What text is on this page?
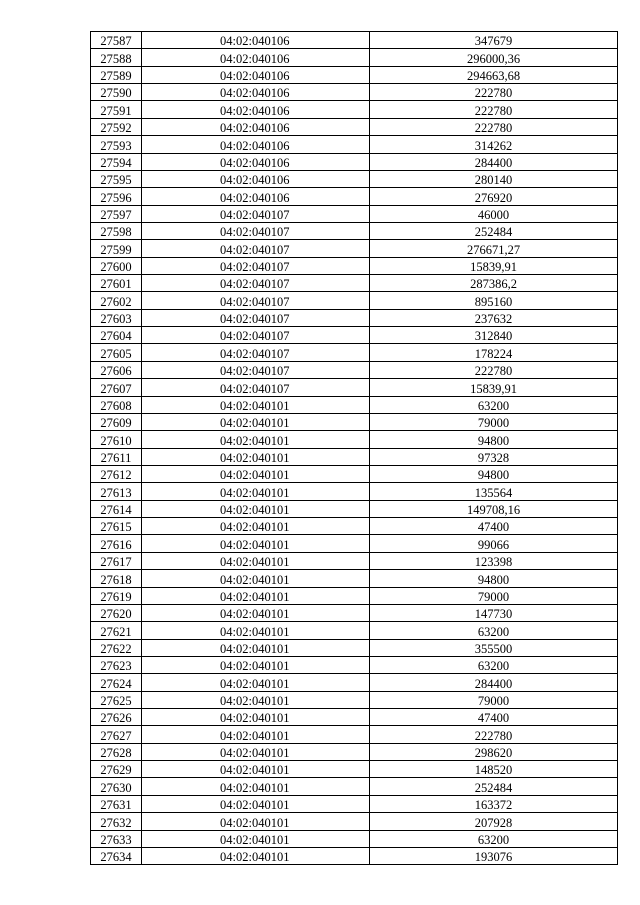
27587	04:02:040106	347679

27588	04:02:040106	296000,36

27589	04:02:040106	294663,68

27590	04:02:040106	222780

27591	04:02:040106	222780

27592	04:02:040106	222780

27593	04:02:040106	314262

27594	04:02:040106	284400

27595	04:02:040106	280140

27596	04:02:040106	276920

27597	04:02:040107	46000

27598	04:02:040107	252484

27599	04:02:040107	276671,27

27600	04:02:040107	15839,91

27601	04:02:040107	287386,2

27602	04:02:040107	895160

27603	04:02:040107	237632

27604	04:02:040107	312840

27605	04:02:040107	178224

27606	04:02:040107	222780

27607	04:02:040107	15839,91

27608	04:02:040101	63200

27609	04:02:040101	79000

27610	04:02:040101	94800

27611	04:02:040101	97328

27612	04:02:040101	94800

27613	04:02:040101	135564

27614	04:02:040101	149708,16

27615	04:02:040101	47400

27616	04:02:040101	99066

27617	04:02:040101	123398

27618	04:02:040101	94800

27619	04:02:040101	79000

27620	04:02:040101	147730

27621	04:02:040101	63200

27622	04:02:040101	355500

27623	04:02:040101	63200

27624	04:02:040101	284400

27625	04:02:040101	79000

27626	04:02:040101	47400

27627	04:02:040101	222780

27628	04:02:040101	298620

27629	04:02:040101	148520

27630	04:02:040101	252484

27631	04:02:040101	163372

27632	04:02:040101	207928

27633	04:02:040101	63200

27634	04:02:040101	193076
